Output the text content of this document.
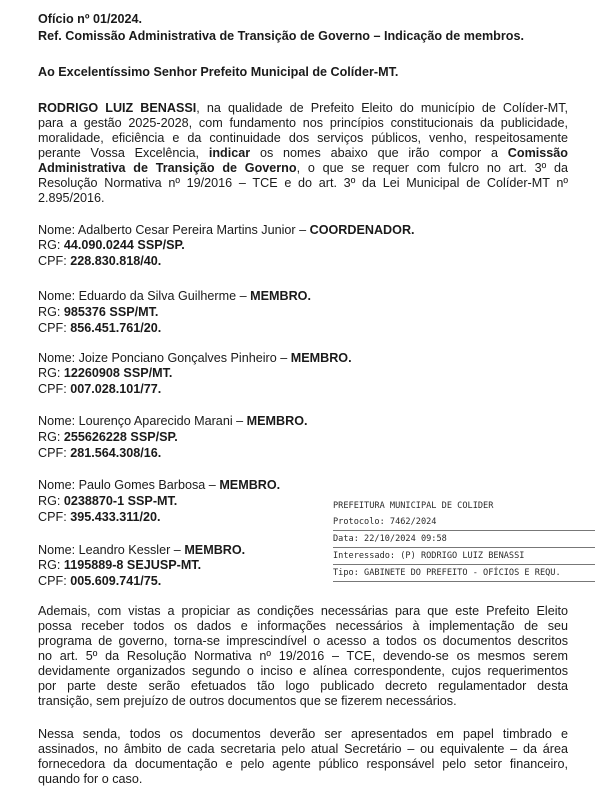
Ofício nº 01/2024.
Ref. Comissão Administrativa de Transição de Governo – Indicação de membros.
Ao Excelentíssimo Senhor Prefeito Municipal de Colíder-MT.
RODRIGO LUIZ BENASSI, na qualidade de Prefeito Eleito do município de Colíder-MT,
para a gestão 2025-2028, com fundamento nos princípios constitucionais da publicidade,
moralidade, eficiência e da continuidade dos serviços públicos, venho, respeitosamente
perante Vossa Excelência, indicar os nomes abaixo que irão compor a Comissão
Administrativa de Transição de Governo, o que se requer com fulcro no art. 3º da
Resolução Normativa nº 19/2016 – TCE e do art. 3º da Lei Municipal de Colíder-MT nº
2.895/2016.
Nome: Adalberto Cesar Pereira Martins Junior – COORDENADOR.
RG: 44.090.0244 SSP/SP.
CPF: 228.830.818/40.
Nome: Eduardo da Silva Guilherme – MEMBRO.
RG: 985376 SSP/MT.
CPF: 856.451.761/20.
Nome: Joize Ponciano Gonçalves Pinheiro – MEMBRO.
RG: 12260908 SSP/MT.
CPF: 007.028.101/77.
Nome: Lourenço Aparecido Marani – MEMBRO.
RG: 255626228 SSP/SP.
CPF: 281.564.308/16.
Nome: Paulo Gomes Barbosa – MEMBRO.
RG: 0238870-1 SSP-MT.
CPF: 395.433.311/20.
Nome: Leandro Kessler – MEMBRO.
RG: 1195889-8 SEJUSP-MT.
CPF: 005.609.741/75.
PREFEITURA MUNICIPAL DE COLIDER
Protocolo: 7462/2024
Data: 22/10/2024 09:58
Interessado: (P) RODRIGO LUIZ BENASSI
Tipo: GABINETE DO PREFEITO - OFÍCIOS E REQU.
Ademais, com vistas a propiciar as condições necessárias para que este Prefeito Eleito
possa receber todos os dados e informações necessários à implementação de seu
programa de governo, torna-se imprescindível o acesso a todos os documentos descritos
no art. 5º da Resolução Normativa nº 19/2016 – TCE, devendo-se os mesmos serem
devidamente organizados segundo o inciso e alínea correspondente, cujos requerimentos
por parte deste serão efetuados tão logo publicado decreto regulamentador desta
transição, sem prejuízo de outros documentos que se fizerem necessários.
Nessa senda, todos os documentos deverão ser apresentados em papel timbrado e
assinados, no âmbito de cada secretaria pelo atual Secretário – ou equivalente – da área
fornecedora da documentação e pelo agente público responsável pelo setor financeiro,
quando for o caso.
